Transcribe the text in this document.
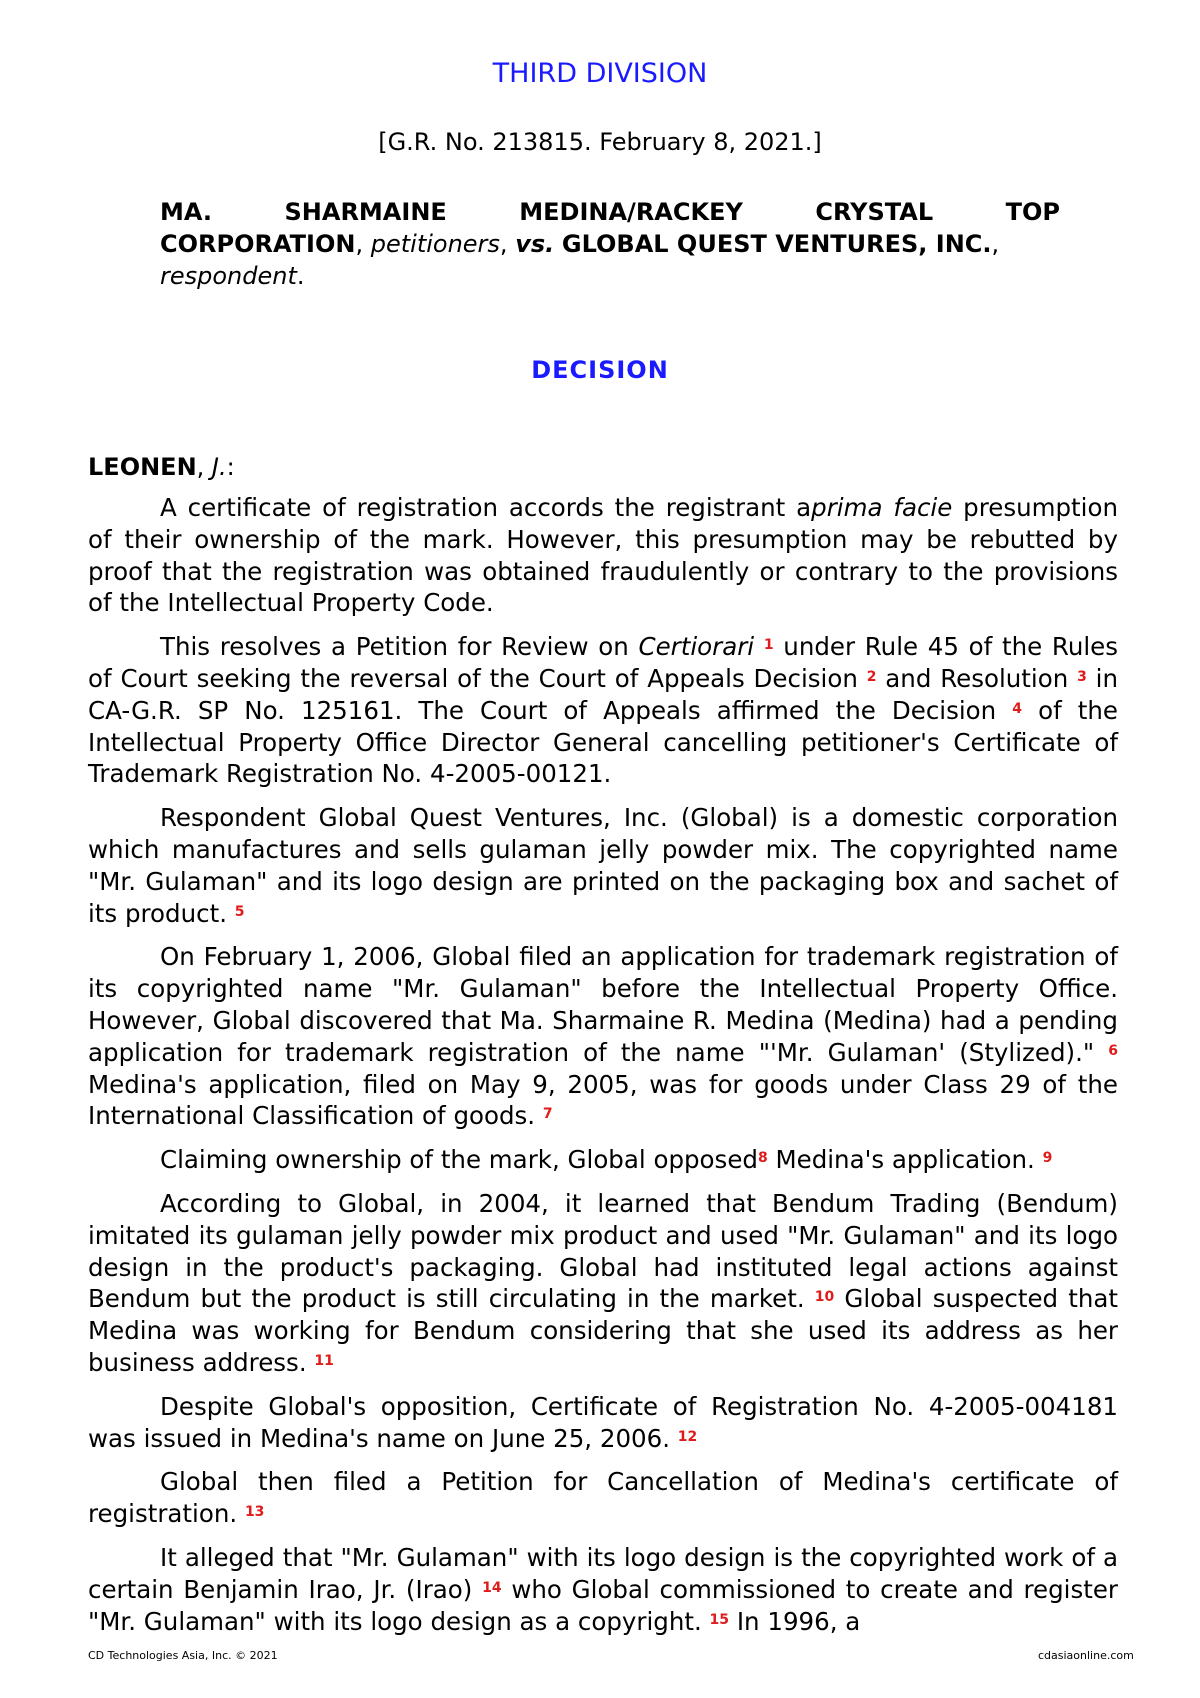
THIRD DIVISION
[G.R. No. 213815. February 8, 2021.]
MA.	SHARMAINE	MEDINA/RACKEY	CRYSTAL	TOP
CORPORATION, petitioners, vs. GLOBAL QUEST VENTURES, INC.,
respondent.
DECISION
LEONEN, J.:

A certificate of registration accords the registrant aprima facie presumption of their ownership of the mark. However, this presumption may be rebutted by proof that the registration was obtained fraudulently or contrary to the provisions of the Intellectual Property Code.

This resolves a Petition for Review on Certiorari $^1$ under Rule 45 of the Rules of Court seeking the reversal of the Court of Appeals Decision $^2$ and Resolution $^3$ in CA-G.R. SP No. 125161. The Court of Appeals affirmed the Decision $^4$ of the Intellectual Property Office Director General cancelling petitioner's Certificate of Trademark Registration No. 4-2005-00121.

Respondent Global Quest Ventures, Inc. (Global) is a domestic corporation which manufactures and sells gulaman jelly powder mix. The copyrighted name "Mr. Gulaman" and its logo design are printed on the packaging box and sachet of its product. $^5$

On February 1, 2006, Global filed an application for trademark registration of its copyrighted name "Mr. Gulaman" before the Intellectual Property Office. However, Global discovered that Ma. Sharmaine R. Medina (Medina) had a pending application for trademark registration of the name "'Mr. Gulaman' (Stylized)." $^6$ Medina's application, filed on May 9, 2005, was for goods under Class 29 of the International Classification of goods. $^7$

Claiming ownership of the mark, Global opposed$^8$ Medina's application. $^9$

According to Global, in 2004, it learned that Bendum Trading (Bendum) imitated its gulaman jelly powder mix product and used "Mr. Gulaman" and its logo design in the product's packaging. Global had instituted legal actions against Bendum but the product is still circulating in the market. $^{10}$ Global suspected that Medina was working for Bendum considering that she used its address as her business address. $^{11}$

Despite Global's opposition, Certificate of Registration No. 4-2005-004181 was issued in Medina's name on June 25, 2006. $^{12}$

Global then filed a Petition for Cancellation of Medina's certificate of registration. $^{13}$

It alleged that "Mr. Gulaman" with its logo design is the copyrighted work of a certain Benjamin Irao, Jr. (Irao) $^{14}$ who Global commissioned to create and register "Mr. Gulaman" with its logo design as a copyright. $^{15}$ In 1996, a

CD Technologies Asia, Inc. © 2021	cdasiaonline.com
